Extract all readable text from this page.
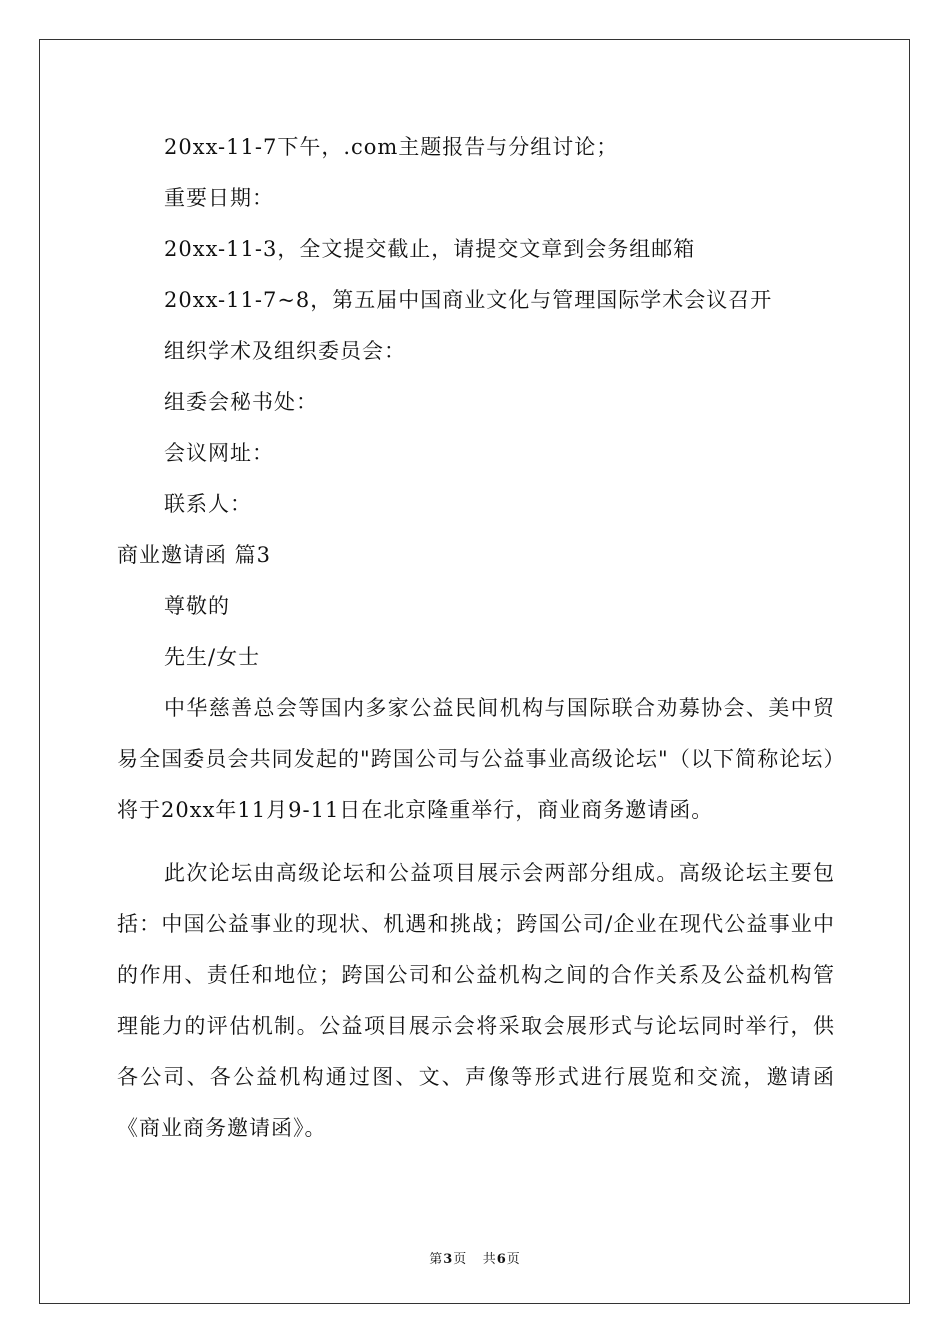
20xx-11-7下午，.com主题报告与分组讨论；
重要日期：
20xx-11-3，全文提交截止，请提交文章到会务组邮箱
20xx-11-7~8，第五届中国商业文化与管理国际学术会议召开
组织学术及组织委员会：
组委会秘书处：
会议网址：
联系人：
商业邀请函 篇3
尊敬的
先生/女士
中华慈善总会等国内多家公益民间机构与国际联合劝募协会、美中贸易全国委员会共同发起的"跨国公司与公益事业高级论坛"（以下简称论坛）将于20xx年11月9-11日在北京隆重举行，商业商务邀请函。
此次论坛由高级论坛和公益项目展示会两部分组成。高级论坛主要包括：中国公益事业的现状、机遇和挑战；跨国公司/企业在现代公益事业中的作用、责任和地位；跨国公司和公益机构之间的合作关系及公益机构管理能力的评估机制。公益项目展示会将采取会展形式与论坛同时举行，供各公司、各公益机构通过图、文、声像等形式进行展览和交流，邀请函《商业商务邀请函》。
第3页 共6页
